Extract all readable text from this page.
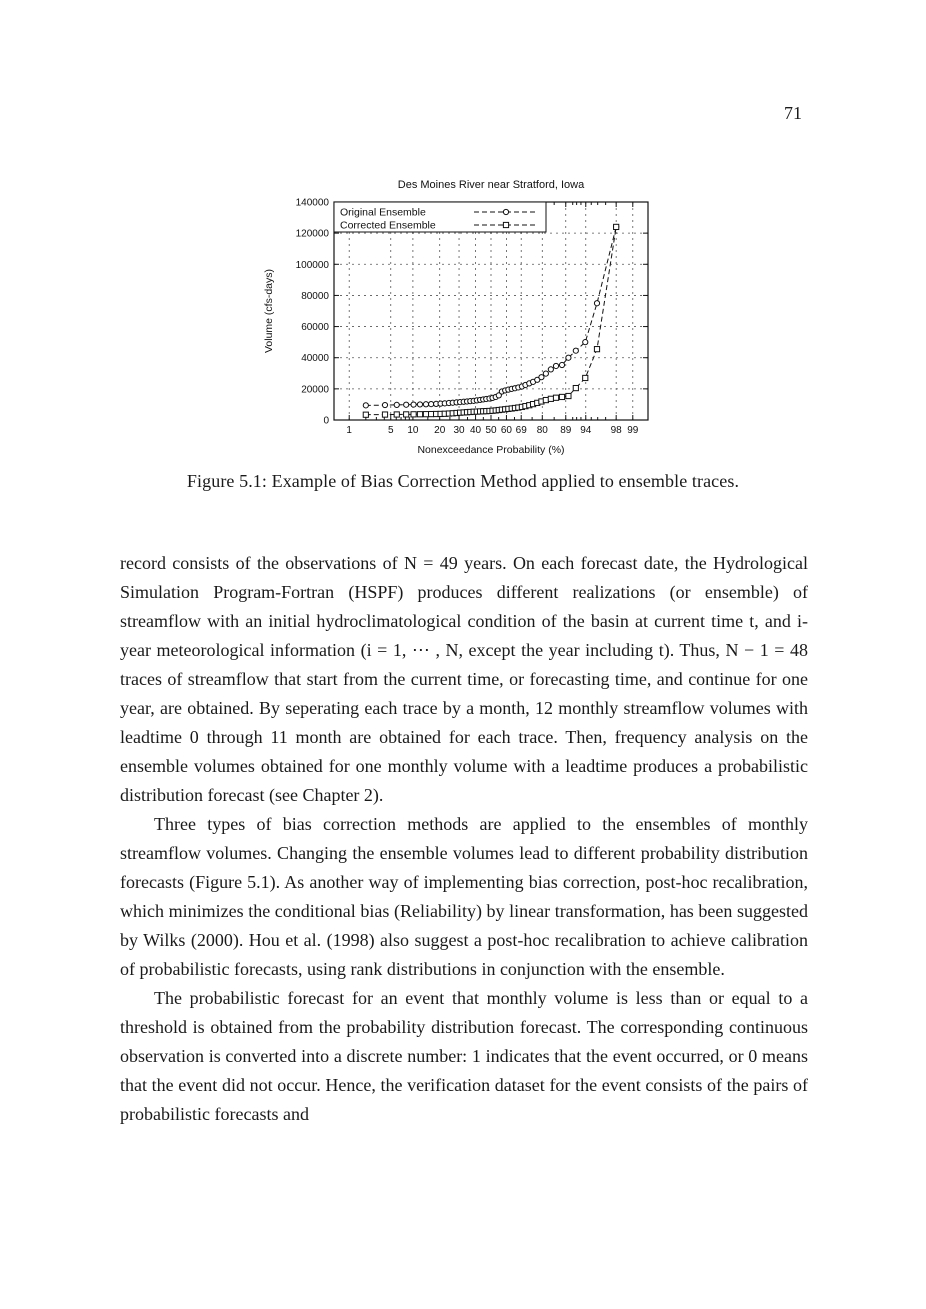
71
Des Moines River near Stratford, Iowa
0
20000
40000
60000
80000
100000
120000
140000
1	5 10 20 30 40 50 60 69 80 89 94 98 99
Nonexceedance Probability (%)
Volume (cfs-days)
Original Ensemble
Corrected Ensemble
Figure 5.1: Example of Bias Correction Method applied to ensemble traces.

record consists of the observations of N = 49 years. On each forecast date, the Hydrological Simulation Program-Fortran (HSPF) produces different realizations (or ensemble) of streamflow with an initial hydroclimatological condition of the basin at current time t, and i-year meteorological information (i = 1, ⋯ , N, except the year including t). Thus, N − 1 = 48 traces of streamflow that start from the current time, or forecasting time, and continue for one year, are obtained. By seperating each trace by a month, 12 monthly streamflow volumes with leadtime 0 through 11 month are obtained for each trace. Then, frequency analysis on the ensemble volumes obtained for one monthly volume with a leadtime produces a probabilistic distribution forecast (see Chapter 2).

Three types of bias correction methods are applied to the ensembles of monthly streamflow volumes. Changing the ensemble volumes lead to different probability distribution forecasts (Figure 5.1). As another way of implementing bias correction, post-hoc recalibration, which minimizes the conditional bias (Reliability) by linear transformation, has been suggested by Wilks (2000). Hou et al. (1998) also suggest a post-hoc recalibration to achieve calibration of probabilistic forecasts, using rank distributions in conjunction with the ensemble.

The probabilistic forecast for an event that monthly volume is less than or equal to a threshold is obtained from the probability distribution forecast. The corresponding continuous observation is converted into a discrete number: 1 indicates that the event occurred, or 0 means that the event did not occur. Hence, the verification dataset for the event consists of the pairs of probabilistic forecasts and
